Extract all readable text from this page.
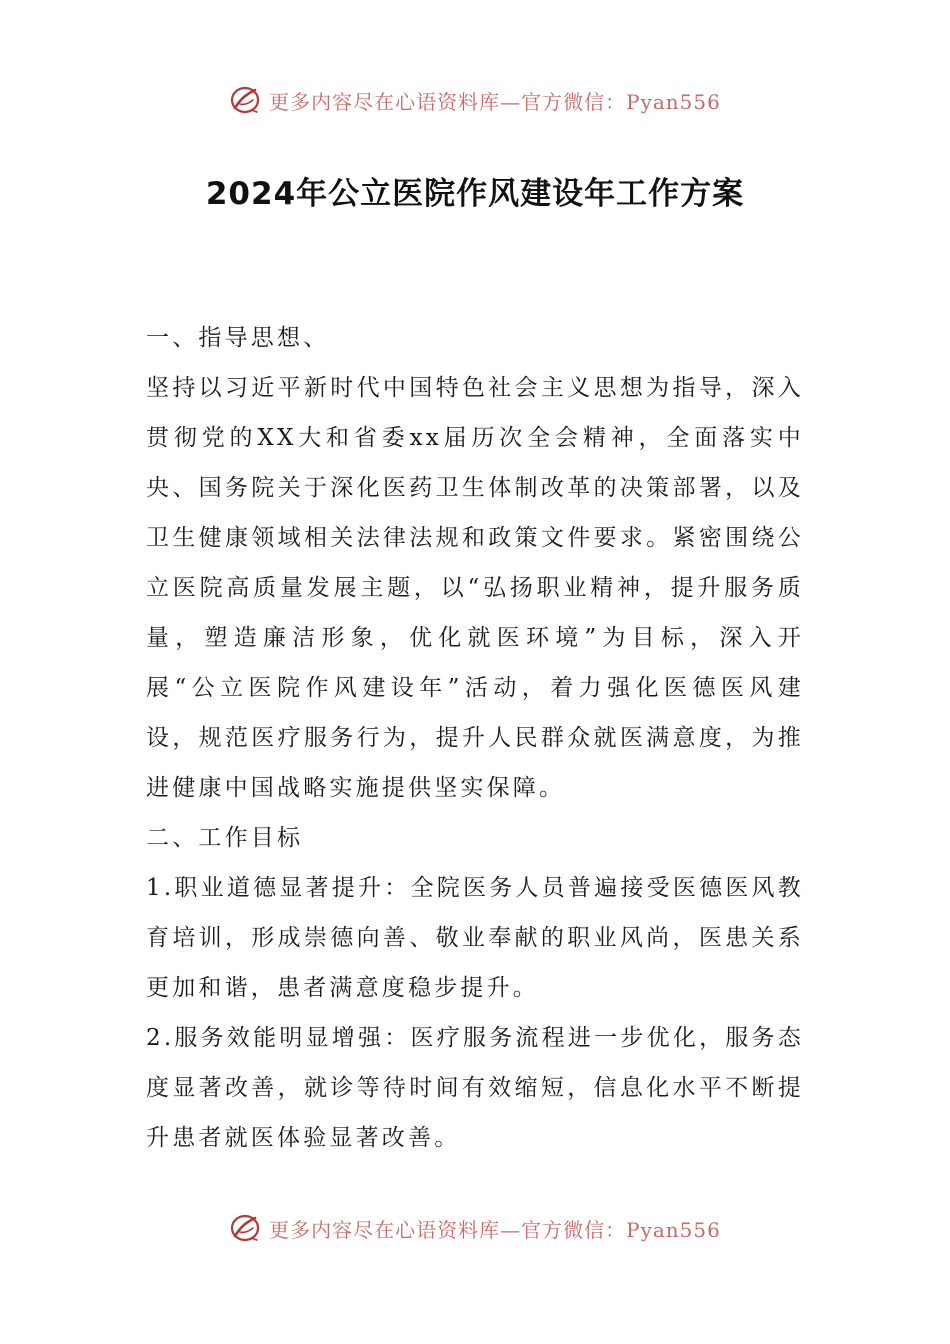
更多内容尽在心语资料库—官方微信：Pyan556
2024年公立医院作风建设年工作方案

一、指导思想、

坚持以习近平新时代中国特色社会主义思想为指导，深入贯彻党的XX大和省委xx届历次全会精神，全面落实中央、国务院关于深化医药卫生体制改革的决策部署，以及卫生健康领域相关法律法规和政策文件要求。紧密围绕公立医院高质量发展主题，以“弘扬职业精神，提升服务质量，塑造廉洁形象，优化就医环境”为目标，深入开展“公立医院作风建设年”活动，着力强化医德医风建设，规范医疗服务行为，提升人民群众就医满意度，为推进健康中国战略实施提供坚实保障。

二、工作目标

1.职业道德显著提升：全院医务人员普遍接受医德医风教育培训，形成崇德向善、敬业奉献的职业风尚，医患关系更加和谐，患者满意度稳步提升。

2.服务效能明显增强：医疗服务流程进一步优化，服务态度显著改善，就诊等待时间有效缩短，信息化水平不断提升患者就医体验显著改善。

更多内容尽在心语资料库—官方微信：Pyan556
